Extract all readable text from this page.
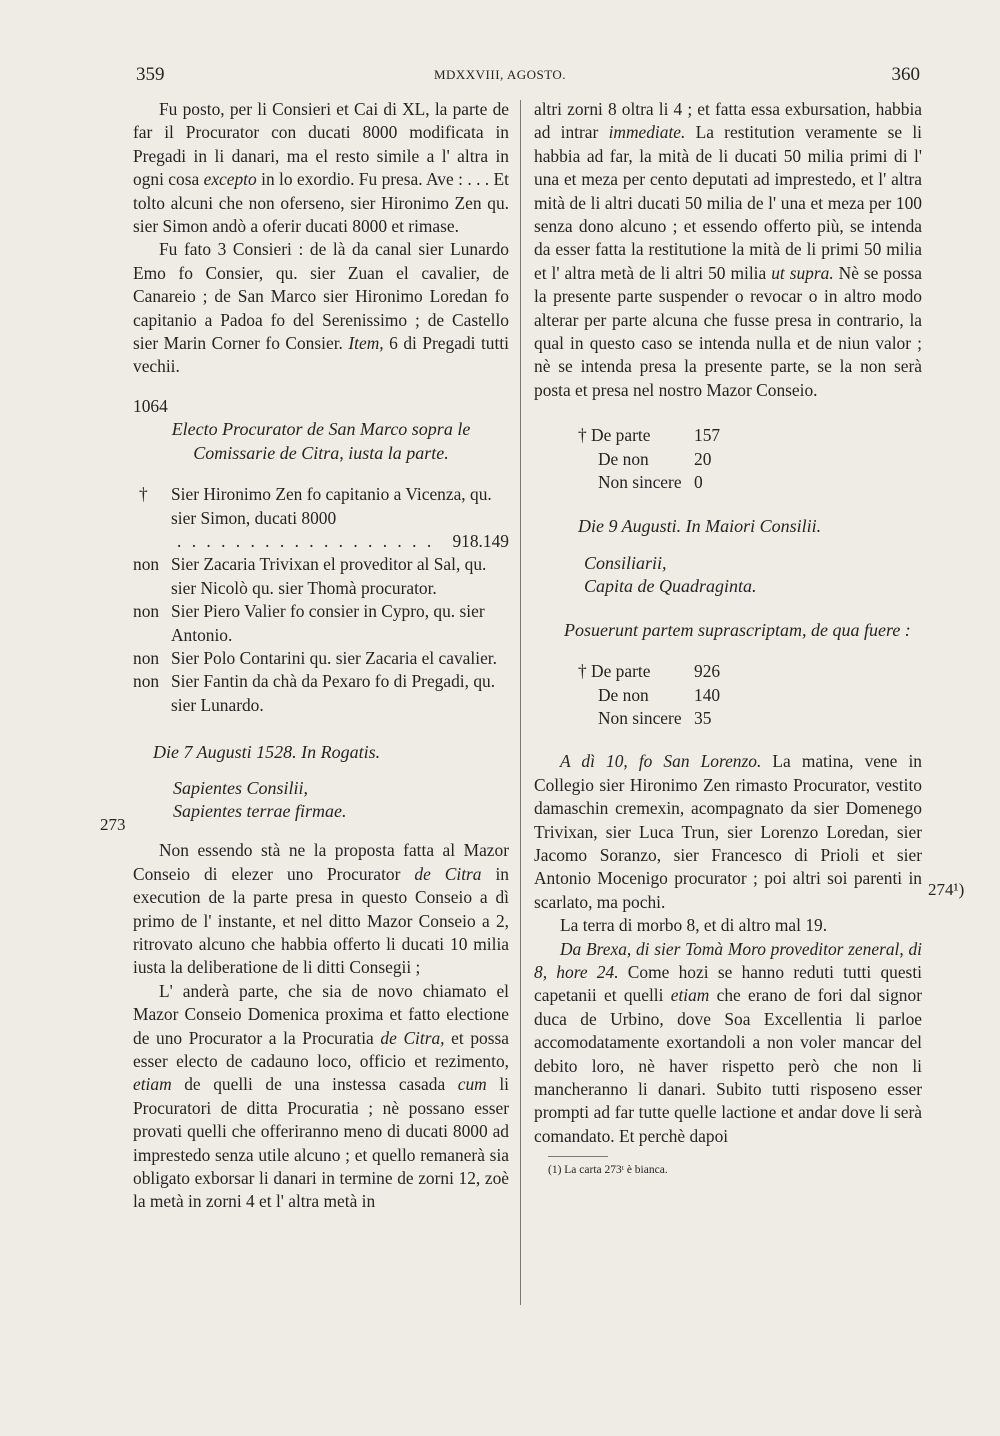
359	MDXXVIII, AGOSTO.	360
273
274¹)

Fu posto, per li Consieri et Cai di XL, la parte de far il Procurator con ducati 8000 modificata in Pregadi in li danari, ma el resto simile a l' altra in ogni cosa excepto in lo exordio. Fu presa. Ave : . . . Et tolto alcuni che non oferseno, sier Hironimo Zen qu. sier Simon andò a oferir ducati 8000 et rimase.

Fu fato 3 Consieri : de là da canal sier Lunardo Emo fo Consier, qu. sier Zuan el cavalier, de Canareio ; de San Marco sier Hironimo Loredan fo capitanio a Padoa fo del Serenissimo ; de Castello sier Marin Corner fo Consier. Item, 6 di Pregadi tutti vechii.

1064

Electo Procurator de San Marco sopra le

Comissarie de Citra, iusta la parte.

†	Sier Hironimo Zen fo capitanio a Vicenza, qu. sier Simon, ducati 8000
. . . . . . . . . . . . . . . . . .	918.149
non Sier Zacaria Trivixan el proveditor al Sal, qu. sier Nicolò qu. sier Thomà procurator.
non Sier Piero Valier fo consier in Cypro, qu. sier Antonio.
non Sier Polo Contarini qu. sier Zacaria el cavalier.
non Sier Fantin da chà da Pexaro fo di Pregadi, qu. sier Lunardo.

Die 7 Augusti 1528. In Rogatis.

Sapientes Consilii,

Sapientes terrae firmae.

Non essendo stà ne la proposta fatta al Mazor Conseio di elezer uno Procurator de Citra in execution de la parte presa in questo Conseio a dì primo de l' instante, et nel ditto Mazor Conseio a 2, ritrovato alcuno che habbia offerto li ducati 10 milia iusta la deliberatione de li ditti Consegii ;

L' anderà parte, che sia de novo chiamato el Mazor Conseio Domenica proxima et fatto electione de uno Procurator a la Procuratia de Citra, et possa esser electo de cadauno loco, officio et rezimento, etiam de quelli de una instessa casada cum li Procuratori de ditta Procuratia ; nè possano esser provati quelli che offeriranno meno di ducati 8000 ad imprestedo senza utile alcuno ; et quello remanerà sia obligato exborsar li danari in termine de zorni 12, zoè la metà in zorni 4 et l' altra metà in

altri zorni 8 oltra li 4 ; et fatta essa exbursation, habbia ad intrar immediate. La restitution veramente se li habbia ad far, la mità de li ducati 50 milia primi di l' una et meza per cento deputati ad imprestedo, et l' altra mità de li altri ducati 50 milia de l' una et meza per 100 senza dono alcuno ; et essendo offerto più, se intenda da esser fatta la restitutione la mità de li primi 50 milia et l' altra metà de li altri 50 milia ut supra. Nè se possa la presente parte suspender o revocar o in altro modo alterar per parte alcuna che fusse presa in contrario, la qual in questo caso se intenda nulla et de niun valor ; nè se intenda presa la presente parte, se la non serà posta et presa nel nostro Mazor Conseio.

† De parte	157

De non	20

Non sincere 0

Die 9 Augusti. In Maiori Consilii.

Consiliarii,

Capita de Quadraginta.

Posuerunt partem suprascriptam, de qua fuere :

† De parte	926

De non	140

Non sincere 35

A dì 10, fo San Lorenzo. La matina, vene in Collegio sier Hironimo Zen rimasto Procurator, vestito damaschin cremexin, acompagnato da sier Domenego Trivixan, sier Luca Trun, sier Lorenzo Loredan, sier Jacomo Soranzo, sier Francesco di Prioli et sier Antonio Mocenigo procurator ; poi altri soi parenti in scarlato, ma pochi.

La terra di morbo 8, et di altro mal 19.

Da Brexa, di sier Tomà Moro proveditor zeneral, di 8, hore 24. Come hozi se hanno reduti tutti questi capetanii et quelli etiam che erano de fori dal signor duca de Urbino, dove Soa Excellentia li parloe accomodatamente exortandoli a non voler mancar del debito loro, nè haver rispetto però che non li mancheranno li danari. Subito tutti risposeno esser prompti ad far tutte quelle lactione et andar dove li serà comandato. Et perchè dapoi

(1) La carta 273ᵗ è bianca.
